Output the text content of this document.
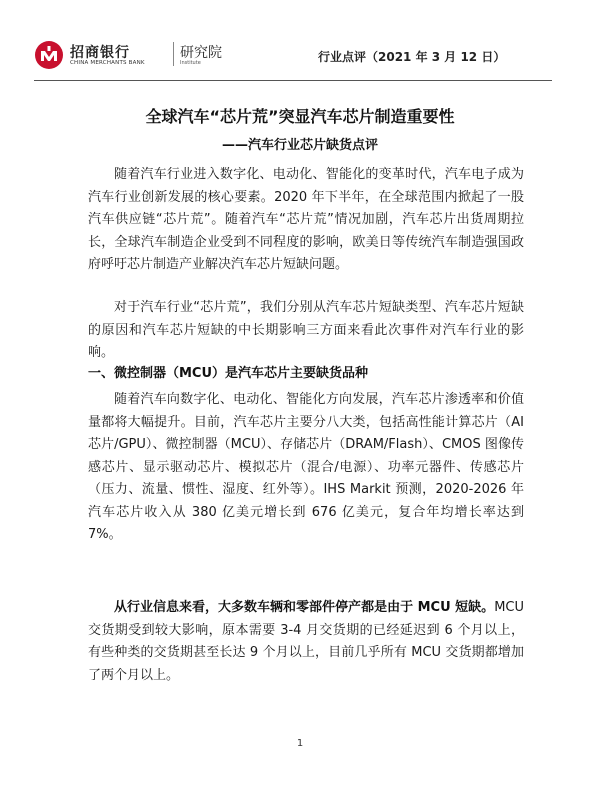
招商银行
CHINA MERCHANTS BANK
研究院
Institute	行业点评（2021 年 3 月 12 日）
全球汽车“芯片荒”突显汽车芯片制造重要性
——汽车行业芯片缺货点评

随着汽车行业进入数字化、电动化、智能化的变革时代，汽车电子成为汽车行业创新发展的核心要素。2020 年下半年，在全球范围内掀起了一股汽车供应链“芯片荒”。随着汽车“芯片荒”情况加剧，汽车芯片出货周期拉长，全球汽车制造企业受到不同程度的影响，欧美日等传统汽车制造强国政府呼吁芯片制造产业解决汽车芯片短缺问题。

对于汽车行业“芯片荒”，我们分别从汽车芯片短缺类型、汽车芯片短缺的原因和汽车芯片短缺的中长期影响三方面来看此次事件对汽车行业的影响。

一、微控制器（MCU）是汽车芯片主要缺货品种

随着汽车向数字化、电动化、智能化方向发展，汽车芯片渗透率和价值量都将大幅提升。目前，汽车芯片主要分八大类，包括高性能计算芯片（AI 芯片/GPU）、微控制器（MCU）、存储芯片（DRAM/Flash）、CMOS 图像传感芯片、显示驱动芯片、模拟芯片（混合/电源）、功率元器件、传感芯片（压力、流量、惯性、湿度、红外等）。IHS Markit 预测，2020-2026 年汽车芯片收入从 380 亿美元增长到 676 亿美元，复合年均增长率达到 7%。

从行业信息来看，大多数车辆和零部件停产都是由于 MCU 短缺。MCU 交货期受到较大影响，原本需要 3-4 月交货期的已经延迟到 6 个月以上，有些种类的交货期甚至长达 9 个月以上，目前几乎所有 MCU 交货期都增加了两个月以上。

1
